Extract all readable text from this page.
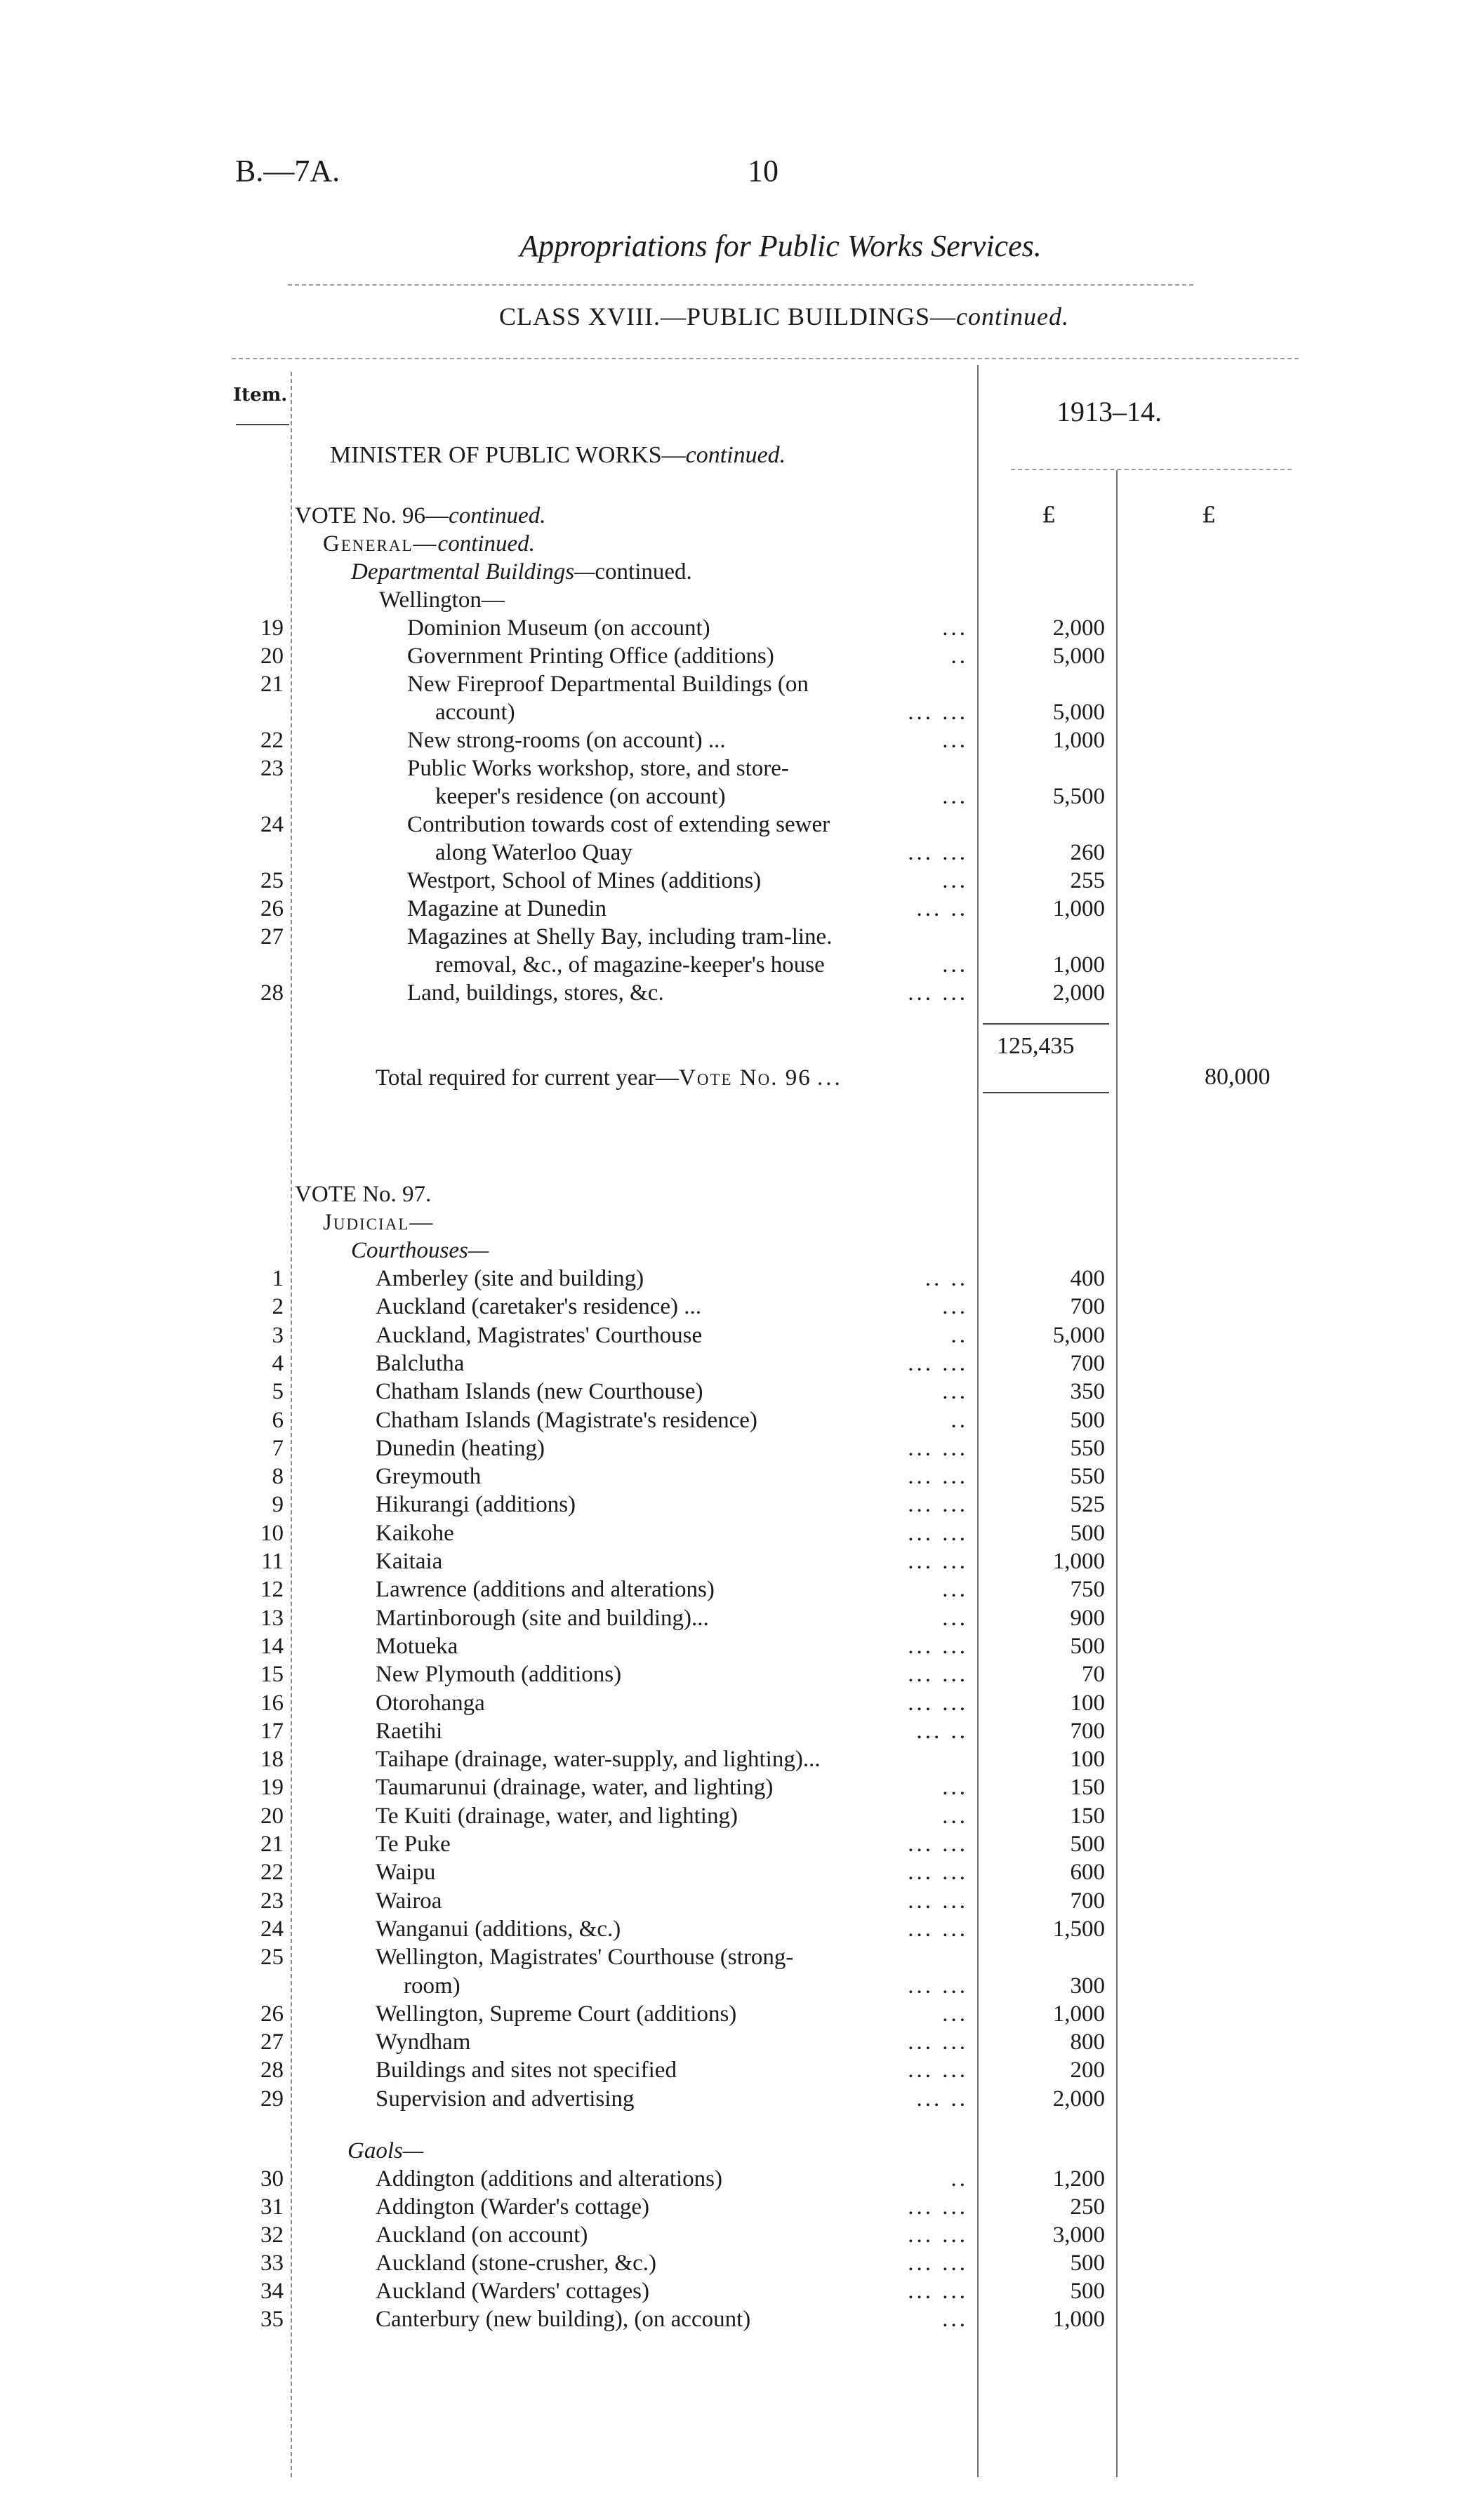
B.—7A.	10
Appropriations for Public Works Services.
CLASS XVIII.—PUBLIC BUILDINGS—continued.
Item.
1913–14.
MINISTER OF PUBLIC WORKS—continued.
£	£
VOTE No. 96—continued.
General—continued.
Departmental Buildings—continued.
Wellington—
19	Dominion Museum (on account)	...	2,000
20	Government Printing Office (additions)	..	5,000
21	New Fireproof Departmental Buildings (on
account)	... ...	5,000
22	New strong-rooms (on account) ...	...	1,000
23	Public Works workshop, store, and store-
keeper's residence (on account)	...	5,500
24	Contribution towards cost of extending sewer
along Waterloo Quay	... ...	260
25	Westport, School of Mines (additions)	...	255
26	Magazine at Dunedin	... ..	1,000
27	Magazines at Shelly Bay, including tram-line.
removal, &c., of magazine-keeper's house	...	1,000
28	Land, buildings, stores, &c.	... ...	2,000
125,435
Total required for current year—Vote No. 96 ...	80,000
VOTE No. 97.
Judicial—
Courthouses—
1	Amberley (site and building)	.. ..	400
2	Auckland (caretaker's residence) ...	...	700
3	Auckland, Magistrates' Courthouse	..	5,000
4	Balclutha	... ...	700
5	Chatham Islands (new Courthouse)	...	350
6	Chatham Islands (Magistrate's residence)	..	500
7	Dunedin (heating)	... ...	550
8	Greymouth	... ...	550
9	Hikurangi (additions)	... ...	525
10	Kaikohe	... ...	500
11	Kaitaia	... ...	1,000
12	Lawrence (additions and alterations)	...	750
13	Martinborough (site and building)...	...	900
14	Motueka	... ...	500
15	New Plymouth (additions)	... ...	70
16	Otorohanga	... ...	100
17	Raetihi	... ..	700
18	Taihape (drainage, water-supply, and lighting)...	100
19	Taumarunui (drainage, water, and lighting)	...	150
20	Te Kuiti (drainage, water, and lighting)	...	150
21	Te Puke	... ...	500
22	Waipu	... ...	600
23	Wairoa	... ...	700
24	Wanganui (additions, &c.)	... ...	1,500
25	Wellington, Magistrates' Courthouse (strong-
room)	... ...	300
26	Wellington, Supreme Court (additions)	...	1,000
27	Wyndham	... ...	800
28	Buildings and sites not specified	... ...	200
29	Supervision and advertising	... ..	2,000
Gaols—
30	Addington (additions and alterations)	..	1,200
31	Addington (Warder's cottage)	... ...	250
32	Auckland (on account)	... ...	3,000
33	Auckland (stone-crusher, &c.)	... ...	500
34	Auckland (Warders' cottages)	... ...	500
35	Canterbury (new building), (on account)	...	1,000
